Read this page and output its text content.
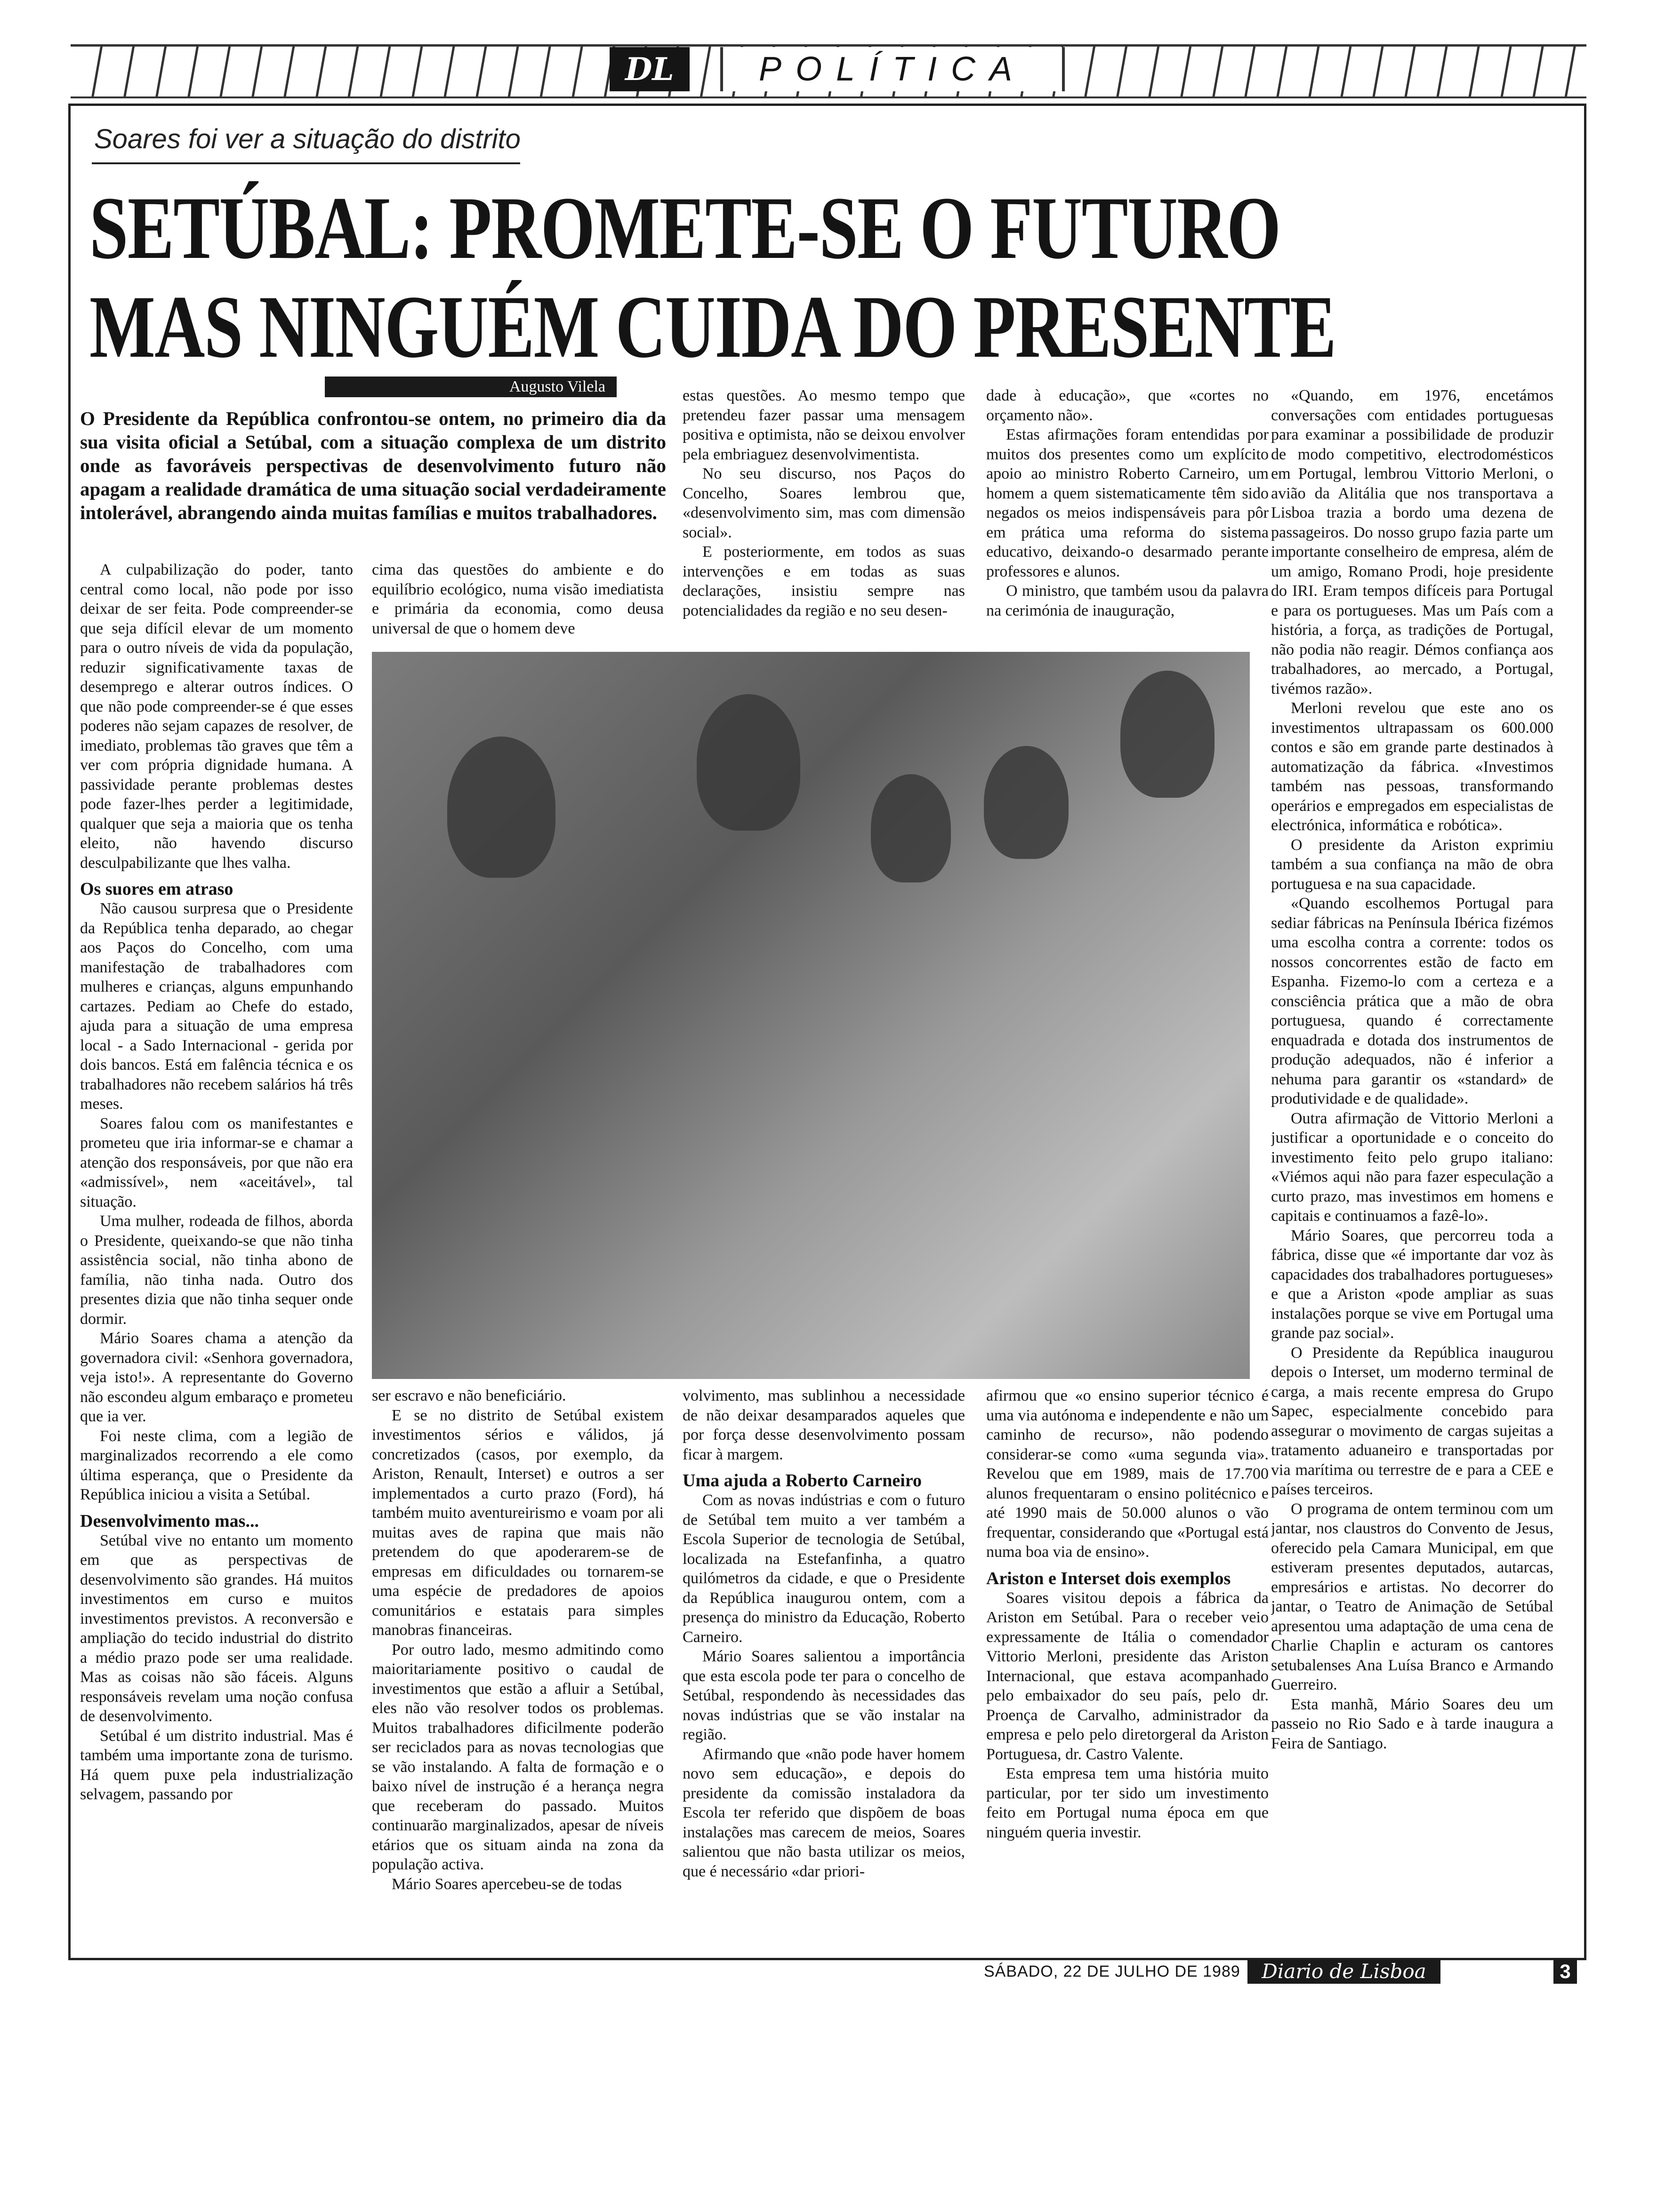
DL	POLÍTICA
Soares foi ver a situação do distrito
SETÚBAL: PROMETE-SE O FUTURO
MAS NINGUÉM CUIDA DO PRESENTE
Augusto Vilela
O Presidente da República confrontou-se ontem, no primeiro dia da sua visita oficial a Setúbal, com a situação complexa de um distrito onde as favoráveis perspectivas de desenvolvimento futuro não apagam a realidade dramática de uma situação social verdadeiramente intolerável, abrangendo ainda muitas famílias e muitos trabalhadores.

A culpabilização do poder, tanto central como local, não pode por isso deixar de ser feita. Pode compreender-se que seja difícil elevar de um momento para o outro níveis de vida da população, reduzir significativamente taxas de desemprego e alterar outros índices. O que não pode compreender-se é que esses poderes não sejam capazes de resolver, de imediato, problemas tão graves que têm a ver com própria dignidade humana. A passividade perante problemas destes pode fazer-lhes perder a legitimidade, qualquer que seja a maioria que os tenha eleito, não havendo discurso desculpabilizante que lhes valha.

Os suores em atraso

Não causou surpresa que o Presidente da República tenha deparado, ao chegar aos Paços do Concelho, com uma manifestação de trabalhadores com mulheres e crianças, alguns empunhando cartazes. Pediam ao Chefe do estado, ajuda para a situação de uma empresa local - a Sado Internacional - gerida por dois bancos. Está em falência técnica e os trabalhadores não recebem salários há três meses.

Soares falou com os manifestantes e prometeu que iria informar-se e chamar a atenção dos responsáveis, por que não era «admissível», nem «aceitável», tal situação.

Uma mulher, rodeada de filhos, aborda o Presidente, queixando-se que não tinha assistência social, não tinha abono de família, não tinha nada. Outro dos presentes dizia que não tinha sequer onde dormir.

Mário Soares chama a atenção da governadora civil: «Senhora governadora, veja isto!». A representante do Governo não escondeu algum embaraço e prometeu que ia ver.

Foi neste clima, com a legião de marginalizados recorrendo a ele como última esperança, que o Presidente da República iniciou a visita a Setúbal.

Desenvolvimento mas...

Setúbal vive no entanto um momento em que as perspectivas de desenvolvimento são grandes. Há muitos investimentos em curso e muitos investimentos previstos. A reconversão e ampliação do tecido industrial do distrito a médio prazo pode ser uma realidade. Mas as coisas não são fáceis. Alguns responsáveis revelam uma noção confusa de desenvolvimento.

Setúbal é um distrito industrial. Mas é também uma importante zona de turismo. Há quem puxe pela industrialização selvagem, passando por

cima das questões do ambiente e do equilíbrio ecológico, numa visão imediatista e primária da economia, como deusa universal de que o homem deve

estas questões. Ao mesmo tempo que pretendeu fazer passar uma mensagem positiva e optimista, não se deixou envolver pela embriaguez desenvolvimentista.

No seu discurso, nos Paços do Concelho, Soares lembrou que, «desenvolvimento sim, mas com dimensão social».

E posteriormente, em todos as suas intervenções e em todas as suas declarações, insistiu sempre nas potencialidades da região e no seu desen-

dade à educação», que «cortes no orçamento não».

Estas afirmações foram entendidas por muitos dos presentes como um explícito apoio ao ministro Roberto Carneiro, um homem a quem sistematicamente têm sido negados os meios indispensáveis para pôr em prática uma reforma do sistema educativo, deixando-o desarmado perante professores e alunos.

O ministro, que também usou da palavra na cerimónia de inauguração,

«Quando, em 1976, encetámos conversações com entidades portuguesas para examinar a possibilidade de produzir de modo competitivo, electrodomésticos em Portugal, lembrou Vittorio Merloni, o avião da Alitália que nos transportava a Lisboa trazia a bordo uma dezena de passageiros. Do nosso grupo fazia parte um importante conselheiro de empresa, além de um amigo, Romano Prodi, hoje presidente do IRI. Eram tempos difíceis para Portugal e para os portugueses. Mas um País com a história, a força, as tradições de Portugal, não podia não reagir. Démos confiança aos trabalhadores, ao mercado, a Portugal, tivémos razão».

Merloni revelou que este ano os investimentos ultrapassam os 600.000 contos e são em grande parte destinados à automatização da fábrica. «Investimos também nas pessoas, transformando operários e empregados em especialistas de electrónica, informática e robótica».

O presidente da Ariston exprimiu também a sua confiança na mão de obra portuguesa e na sua capacidade.

«Quando escolhemos Portugal para sediar fábricas na Península Ibérica fizémos uma escolha contra a corrente: todos os nossos concorrentes estão de facto em Espanha. Fizemo-lo com a certeza e a consciência prática que a mão de obra portuguesa, quando é correctamente enquadrada e dotada dos instrumentos de produção adequados, não é inferior a nehuma para garantir os «standard» de produtividade e de qualidade».

Outra afirmação de Vittorio Merloni a justificar a oportunidade e o conceito do investimento feito pelo grupo italiano: «Viémos aqui não para fazer especulação a curto prazo, mas investimos em homens e capitais e continuamos a fazê-lo».

Mário Soares, que percorreu toda a fábrica, disse que «é importante dar voz às capacidades dos trabalhadores portugueses» e que a Ariston «pode ampliar as suas instalações porque se vive em Portugal uma grande paz social».

O Presidente da República inaugurou depois o Interset, um moderno terminal de carga, a mais recente empresa do Grupo Sapec, especialmente concebido para assegurar o movimento de cargas sujeitas a tratamento aduaneiro e transportadas por via marítima ou terrestre de e para a CEE e países terceiros.

O programa de ontem terminou com um jantar, nos claustros do Convento de Jesus, oferecido pela Camara Municipal, em que estiveram presentes deputados, autarcas, empresários e artistas. No decorrer do jantar, o Teatro de Animação de Setúbal apresentou uma adaptação de uma cena de Charlie Chaplin e acturam os cantores setubalenses Ana Luísa Branco e Armando Guerreiro.

Esta manhã, Mário Soares deu um passeio no Rio Sado e à tarde inaugura a Feira de Santiago.

ser escravo e não beneficiário.

E se no distrito de Setúbal existem investimentos sérios e válidos, já concretizados (casos, por exemplo, da Ariston, Renault, Interset) e outros a ser implementados a curto prazo (Ford), há também muito aventureirismo e voam por ali muitas aves de rapina que mais não pretendem do que apoderarem-se de empresas em dificuldades ou tornarem-se uma espécie de predadores de apoios comunitários e estatais para simples manobras financeiras.

Por outro lado, mesmo admitindo como maioritariamente positivo o caudal de investimentos que estão a afluir a Setúbal, eles não vão resolver todos os problemas. Muitos trabalhadores dificilmente poderão ser reciclados para as novas tecnologias que se vão instalando. A falta de formação e o baixo nível de instrução é a herança negra que receberam do passado. Muitos continuarão marginalizados, apesar de níveis etários que os situam ainda na zona da população activa.

Mário Soares apercebeu-se de todas

volvimento, mas sublinhou a necessidade de não deixar desamparados aqueles que por força desse desenvolvimento possam ficar à margem.

Uma ajuda a Roberto Carneiro

Com as novas indústrias e com o futuro de Setúbal tem muito a ver também a Escola Superior de tecnologia de Setúbal, localizada na Estefanfinha, a quatro quilómetros da cidade, e que o Presidente da República inaugurou ontem, com a presença do ministro da Educação, Roberto Carneiro.

Mário Soares salientou a importância que esta escola pode ter para o concelho de Setúbal, respondendo às necessidades das novas indústrias que se vão instalar na região.

Afirmando que «não pode haver homem novo sem educação», e depois do presidente da comissão instaladora da Escola ter referido que dispõem de boas instalações mas carecem de meios, Soares salientou que não basta utilizar os meios, que é necessário «dar priori-

afirmou que «o ensino superior técnico é uma via autónoma e independente e não um caminho de recurso», não podendo considerar-se como «uma segunda via». Revelou que em 1989, mais de 17.700 alunos frequentaram o ensino politécnico e até 1990 mais de 50.000 alunos o vão frequentar, considerando que «Portugal está numa boa via de ensino».

Ariston e Interset dois exemplos

Soares visitou depois a fábrica da Ariston em Setúbal. Para o receber veio expressamente de Itália o comendador Vittorio Merloni, presidente das Ariston Internacional, que estava acompanhado pelo embaixador do seu país, pelo dr. Proença de Carvalho, administrador da empresa e pelo pelo diretorgeral da Ariston Portuguesa, dr. Castro Valente.

Esta empresa tem uma história muito particular, por ter sido um investimento feito em Portugal numa época em que ninguém queria investir.

SÁBADO, 22 DE JULHO DE 1989	Diario de Lisboa	3
